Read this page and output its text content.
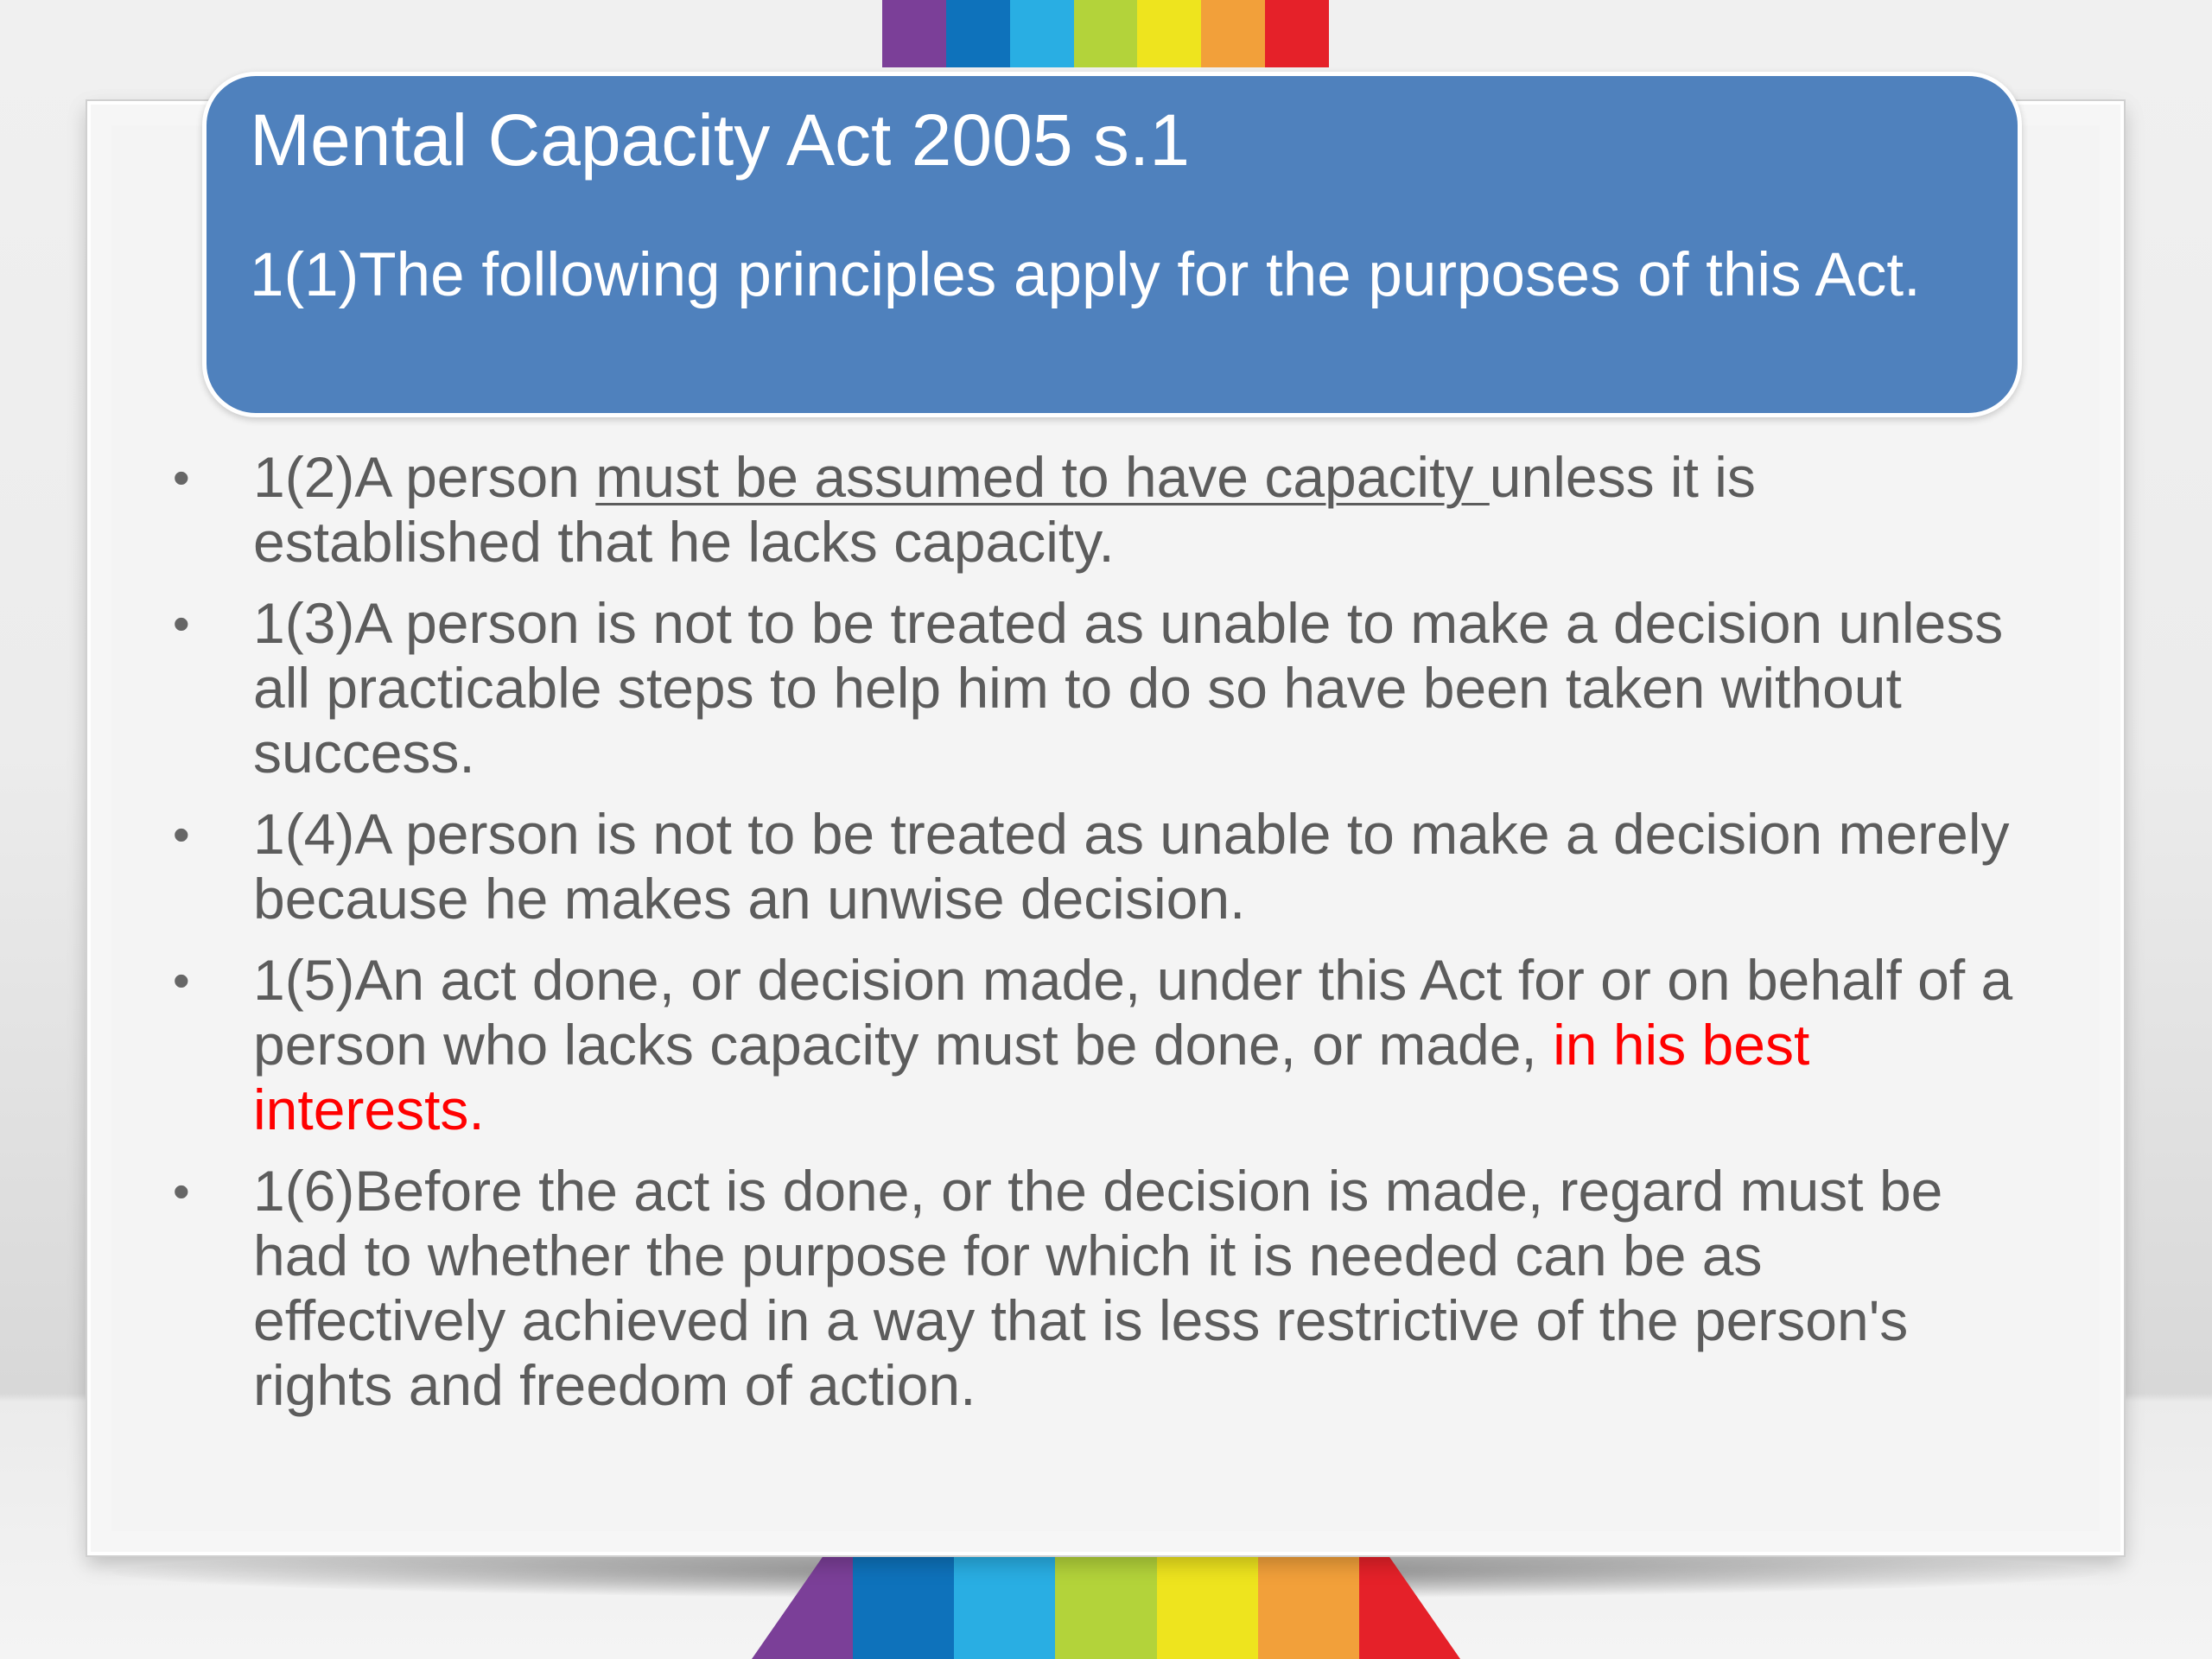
Mental Capacity Act 2005 s.1

1(1)The following principles apply for the purposes of this Act.

• 1(2)A person must be assumed to have capacity unless it is established that he lacks capacity.
• 1(3)A person is not to be treated as unable to make a decision unless all practicable steps to help him to do so have been taken without success.
• 1(4)A person is not to be treated as unable to make a decision merely because he makes an unwise decision.
• 1(5)An act done, or decision made, under this Act for or on behalf of a person who lacks capacity must be done, or made, in his best interests.
• 1(6)Before the act is done, or the decision is made, regard must be had to whether the purpose for which it is needed can be as effectively achieved in a way that is less restrictive of the person's rights and freedom of action.
